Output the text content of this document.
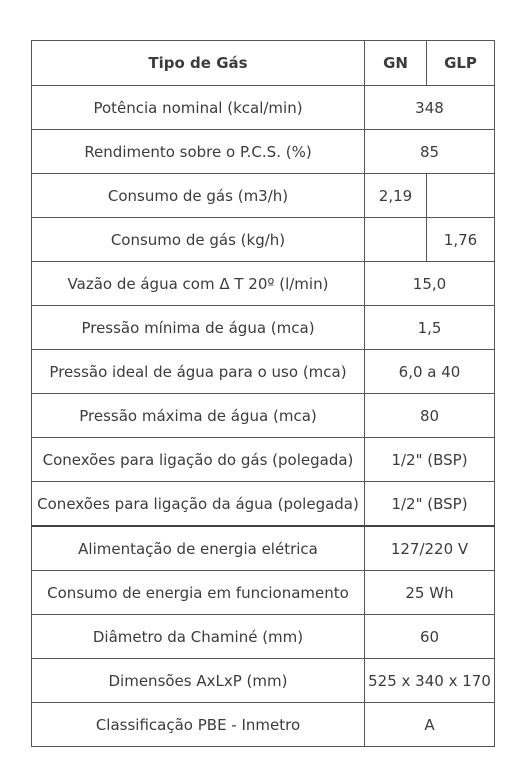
Tipo de Gás	GN	GLP
Potência nominal (kcal/min)	348	
Rendimento sobre o P.C.S. (%)	85	
Consumo de gás (m3/h)	2,19	
Consumo de gás (kg/h)		1,76
Vazão de água com Δ T 20º (l/min)	15,0	
Pressão mínima de água (mca)	1,5	
Pressão ideal de água para o uso (mca)	6,0 a 40	
Pressão máxima de água (mca)	80	
Conexões para ligação do gás (polegada)	1/2" (BSP)	
Conexões para ligação da água (polegada)	1/2" (BSP)	
Alimentação de energia elétrica	127/220 V	
Consumo de energia em funcionamento	25 Wh	
Diâmetro da Chaminé (mm)	60	
Dimensões AxLxP (mm)	525 x 340 x 170	
Classificação PBE - Inmetro	A	
